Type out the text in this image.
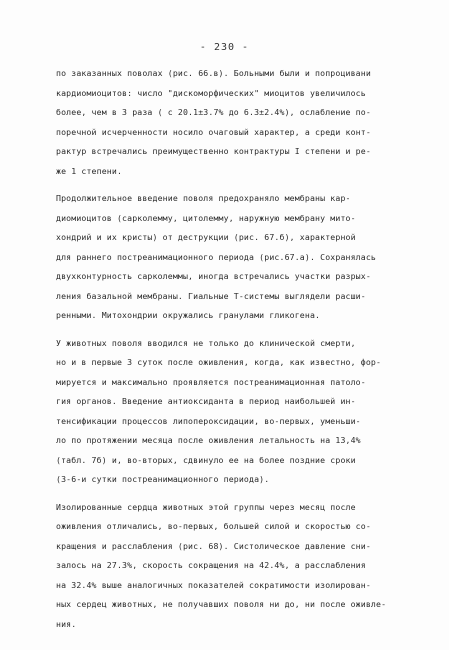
- 230 -
по заказанных поволах (рис. 66.в). Больными были и попроцивани
кардиомиоцитов: число "дискоморфических" миоцитов увеличилось
более, чем в 3 раза ( с 20.1±3.7% до 6.3±2.4%), ослабление по-
поречной исчерченности носило очаговый характер, а среди конт-
рактур встречались преимущественно контрактуры I степени и ре-
же 1 степени.
Продолжительное введение поволя предохраняло мембраны кар-
диомиоцитов (сарколемму, цитолемму, наружную мембрану мито-
хондрий и их кристы) от деструкции (рис. 67.б), характерной
для раннего постреанимационного периода (рис.67.а). Сохранялась
двухконтурность сарколеммы, иногда встречались участки разрых-
ления базальной мембраны. Гиальные Т-системы выглядели расши-
ренными. Митохондрии окружались гранулами гликогена.
У животных поволя вводился не только до клинической смерти,
но и в первые 3 суток после оживления, когда, как известно, фор-
мируется и максимально проявляется постреанимационная патоло-
гия органов. Введение антиоксиданта в период наибольшей ин-
тенсификации процессов липопероксидации, во-первых, уменьши-
ло по протяжении месяца после оживления летальность на 13,4%
(табл. 7б) и, во-вторых, сдвинуло ее на более поздние сроки
(3-6-и сутки постреанимационного периода).
Изолированные сердца животных этой группы через месяц после
оживления отличались, во-первых, большей силой и скоростью со-
кращения и расслабления (рис. 68). Систолическое давление сни-
залось на 27.3%, скорость сокращения на 42.4%, а расслабления
на 32.4% выше аналогичных показателей сократимости изолирован-
ных сердец животных, не получавших поволя ни до, ни после оживле-
ния.
